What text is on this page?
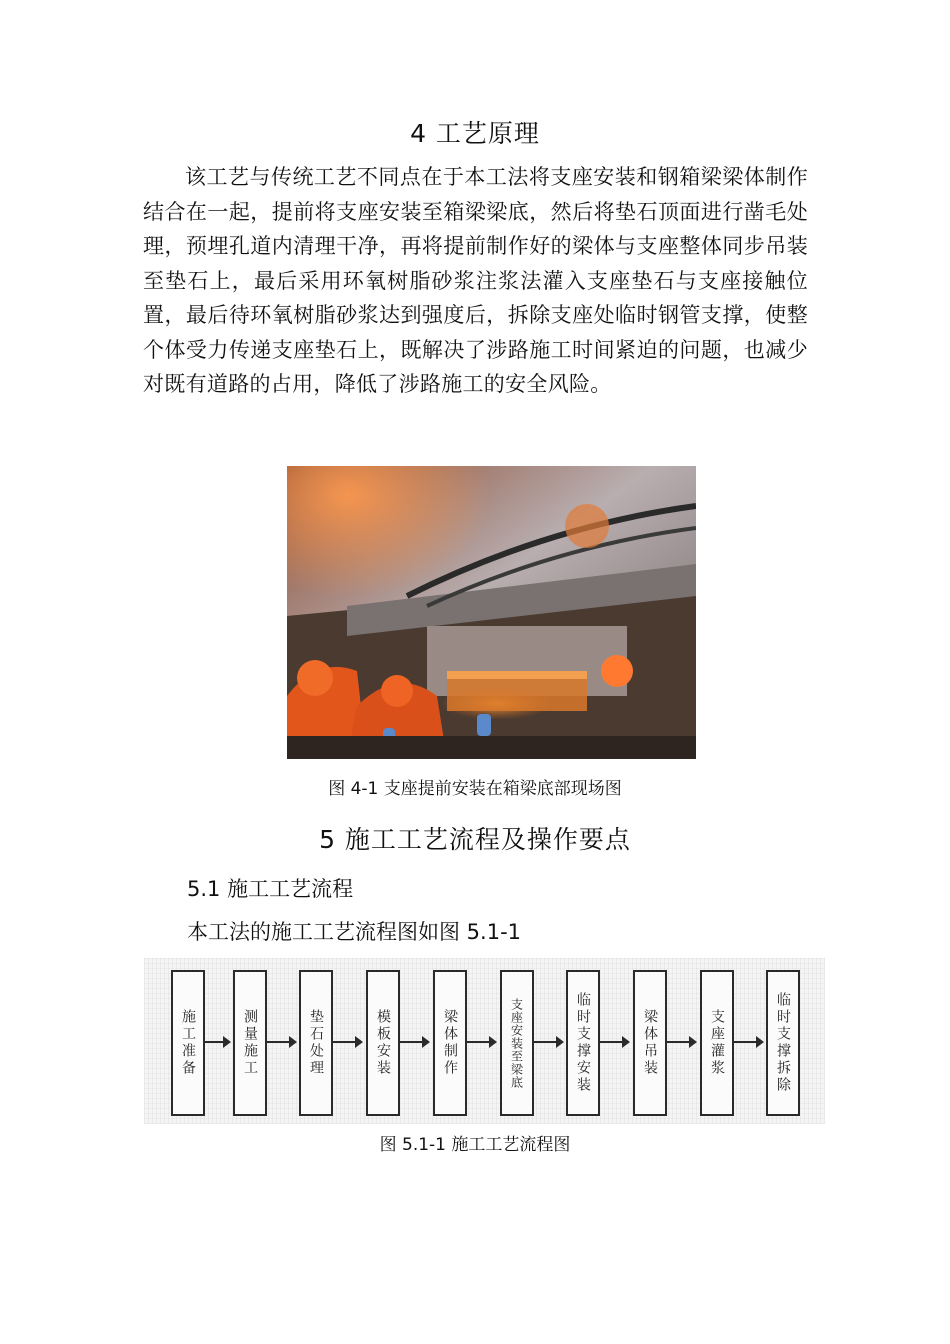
4 工艺原理
该工艺与传统工艺不同点在于本工法将支座安装和钢箱梁梁体制作结合在一起，提前将支座安装至箱梁梁底，然后将垫石顶面进行凿毛处理，预埋孔道内清理干净，再将提前制作好的梁体与支座整体同步吊装至垫石上，最后采用环氧树脂砂浆注浆法灌入支座垫石与支座接触位置，最后待环氧树脂砂浆达到强度后，拆除支座处临时钢管支撑，使整个体受力传递支座垫石上，既解决了涉路施工时间紧迫的问题，也减少对既有道路的占用，降低了涉路施工的安全风险。
图 4-1 支座提前安装在箱梁底部现场图
5 施工工艺流程及操作要点
5.1 施工工艺流程
本工法的施工工艺流程图如图 5.1-1
施工准备	测量施工	垫石处理	模板安装	梁体制作	支座安装至梁底	临时支撑安装	梁体吊装	支座灌浆	临时支撑拆除
图 5.1-1 施工工艺流程图
